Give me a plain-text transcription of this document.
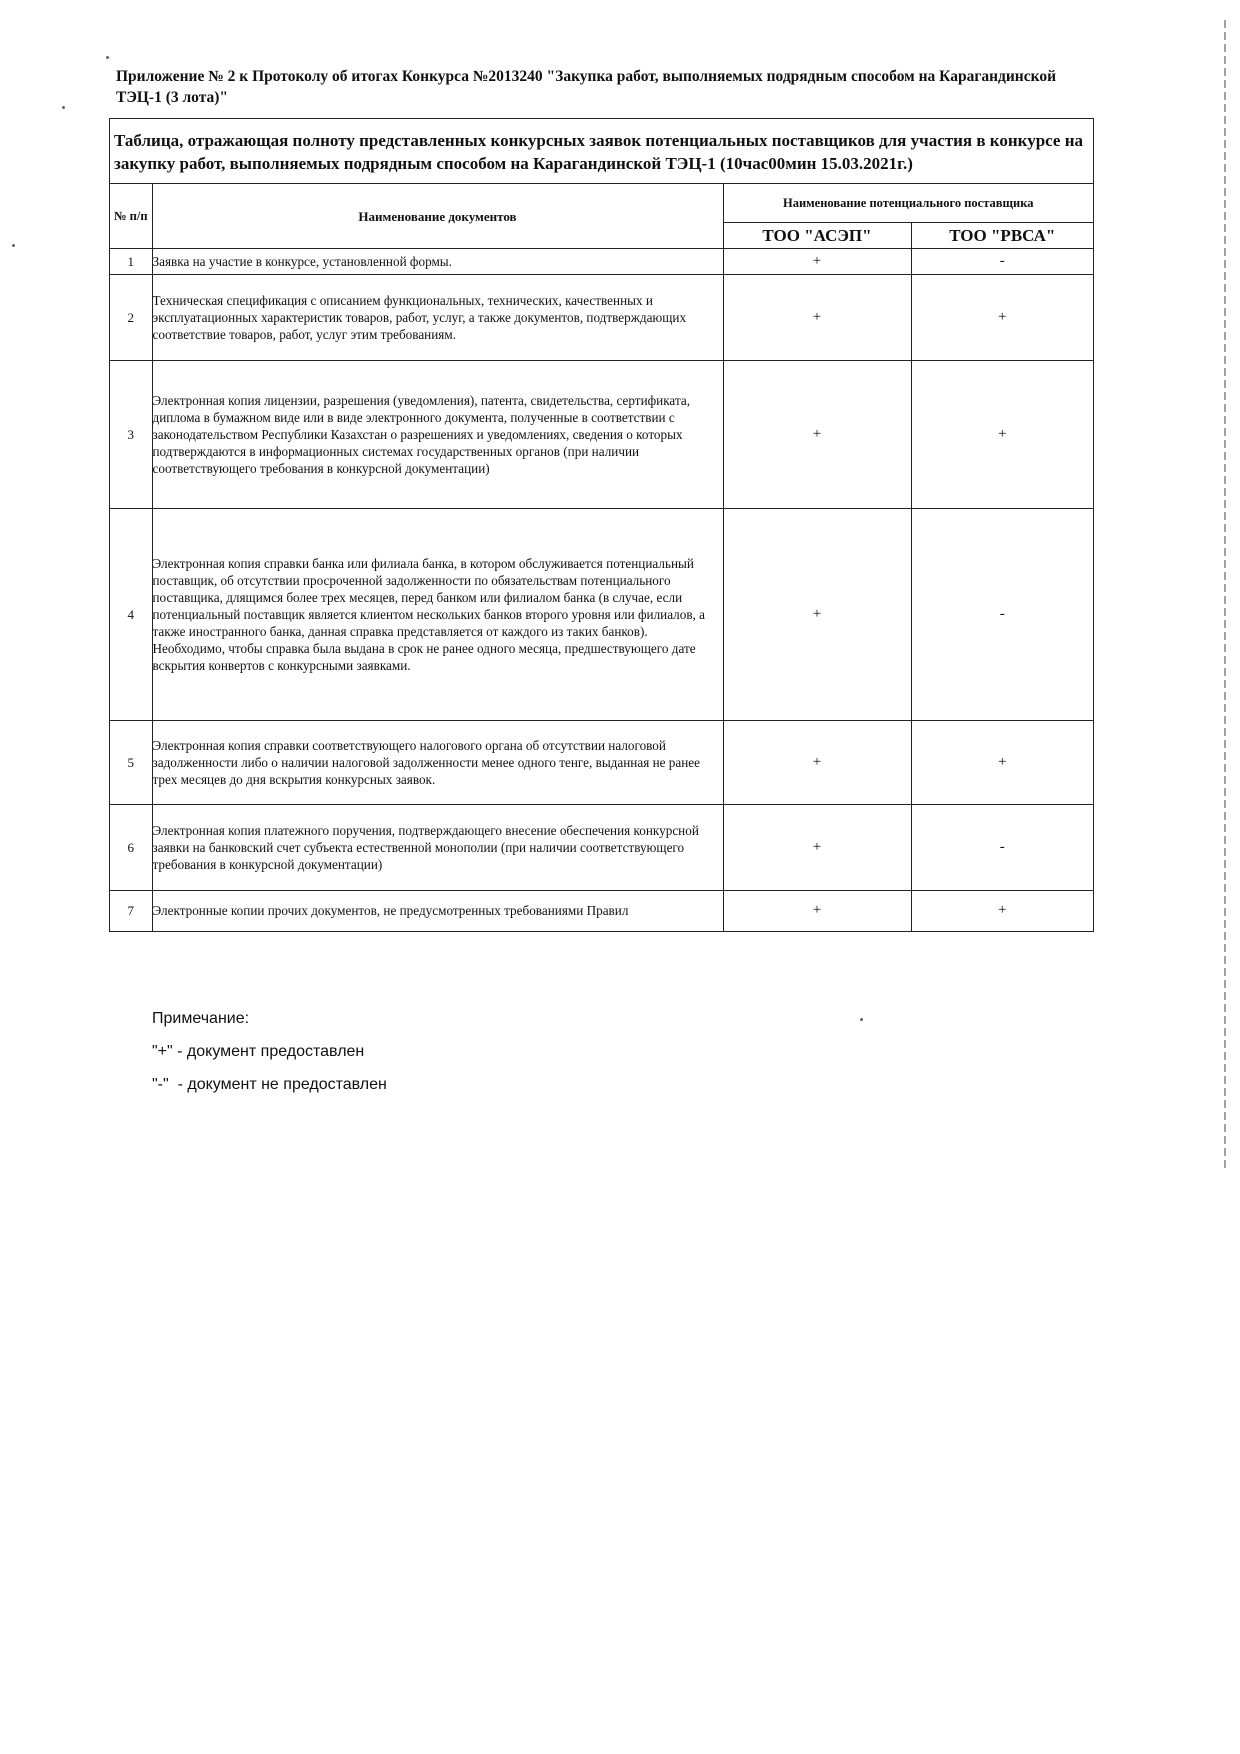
Приложение № 2 к Протоколу об итогах Конкурса №2013240 "Закупка работ, выполняемых подрядным способом на Карагандинской ТЭЦ-1 (3 лота)"
Таблица, отражающая полноту представленных конкурсных заявок потенциальных поставщиков для участия в конкурсе на закупку работ, выполняемых подрядным способом на Карагандинской ТЭЦ-1 (10час00мин 15.03.2021г.)
№ п/п	Наименование документов	Наименование потенциального поставщика	
		ТОО "АСЭП"	ТОО "РВСА"
1	Заявка на участие в конкурсе, установленной формы.	+	-
2	Техническая спецификация с описанием функциональных, технических, качественных и эксплуатационных характеристик товаров, работ, услуг, а также документов, подтверждающих соответствие товаров, работ, услуг этим требованиям.	+	+
3	Электронная копия лицензии, разрешения (уведомления), патента, свидетельства, сертификата, диплома в бумажном виде или в виде электронного документа, полученные в соответствии с законодательством Республики Казахстан о разрешениях и уведомлениях, сведения о которых подтверждаются в информационных системах государственных органов (при наличии соответствующего требования в конкурсной документации)	+	+
4	Электронная копия справки банка или филиала банка, в котором обслуживается потенциальный поставщик, об отсутствии просроченной задолженности по обязательствам потенциального поставщика, длящимся более трех месяцев, перед банком или филиалом банка (в случае, если потенциальный поставщик является клиентом нескольких банков второго уровня или филиалов, а также иностранного банка, данная справка представляется от каждого из таких банков). Необходимо, чтобы справка была выдана в срок не ранее одного месяца, предшествующего дате вскрытия конвертов с конкурсными заявками.	+	-
5	Электронная копия справки соответствующего налогового органа об отсутствии налоговой задолженности либо о наличии налоговой задолженности менее одного тенге, выданная не ранее трех месяцев до дня вскрытия конкурсных заявок.	+	+
6	Электронная копия платежного поручения, подтверждающего внесение обеспечения конкурсной заявки на банковский счет субъекта естественной монополии (при наличии соответствующего требования в конкурсной документации)	+	-
7	Электронные копии прочих документов, не предусмотренных требованиями Правил	+	+
Примечание:
"+" - документ предоставлен
"-"  - документ не предоставлен
